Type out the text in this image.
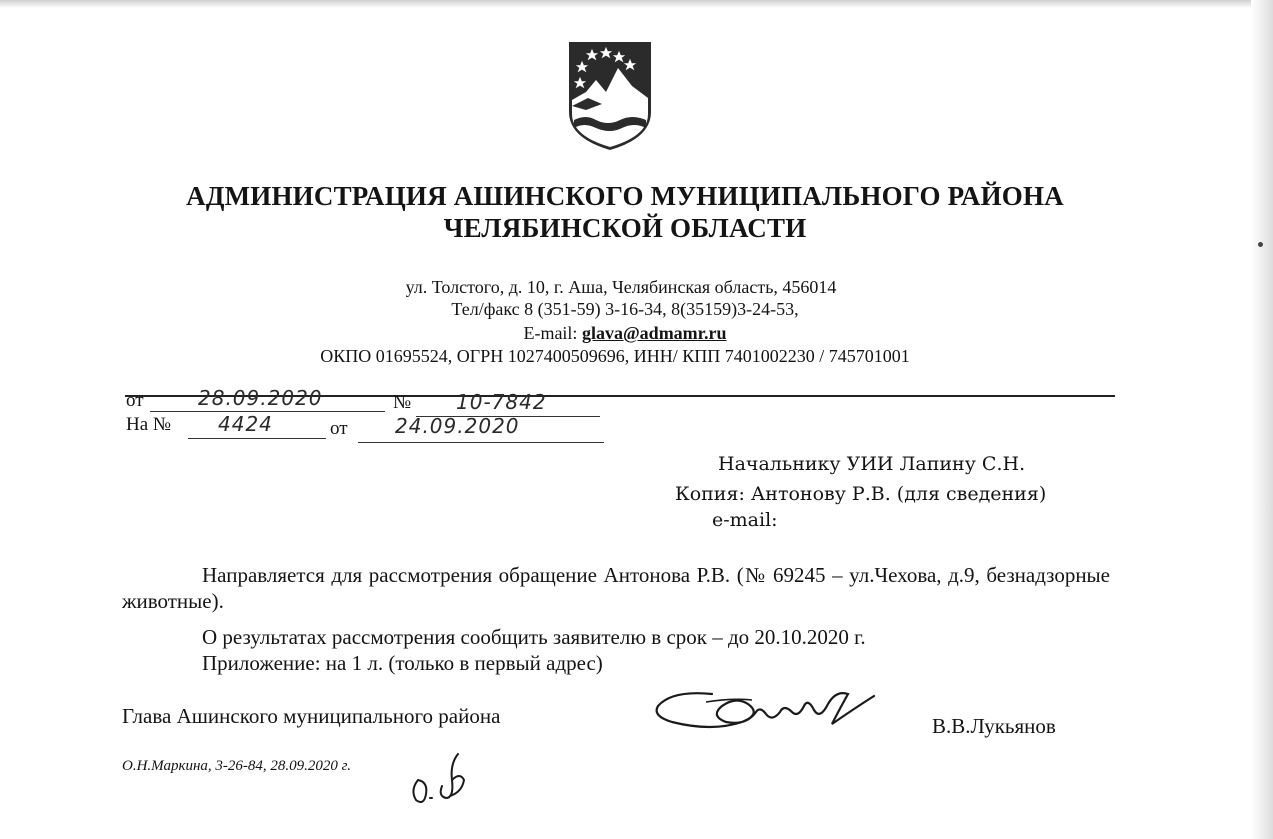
АДМИНИСТРАЦИЯ АШИНСКОГО МУНИЦИПАЛЬНОГО РАЙОНА
ЧЕЛЯБИНСКОЙ ОБЛАСТИ
ул. Толстого, д. 10, г. Аша, Челябинская область, 456014
Тел/факс 8 (351-59) 3-16-34, 8(35159)3-24-53,
E-mail: glava@admamr.ru
ОКПО 01695524, ОГРН 1027400509696, ИНН/ КПП 7401002230 / 745701001
от	28.09.2020	№ 10-7842
На № 4424	от 24.09.2020
Начальнику УИИ Лапину С.Н.
Копия: Антонову Р.В. (для сведения)
e-mail:
Направляется для рассмотрения обращение Антонова Р.В. (№ 69245 – ул.Чехова, д.9, безнадзорные животные).
О результатах рассмотрения сообщить заявителю в срок – до 20.10.2020 г.
Приложение: на 1 л. (только в первый адрес)
Глава Ашинского муниципального района	В.В.Лукьянов
О.Н.Маркина, 3-26-84, 28.09.2020 г.
